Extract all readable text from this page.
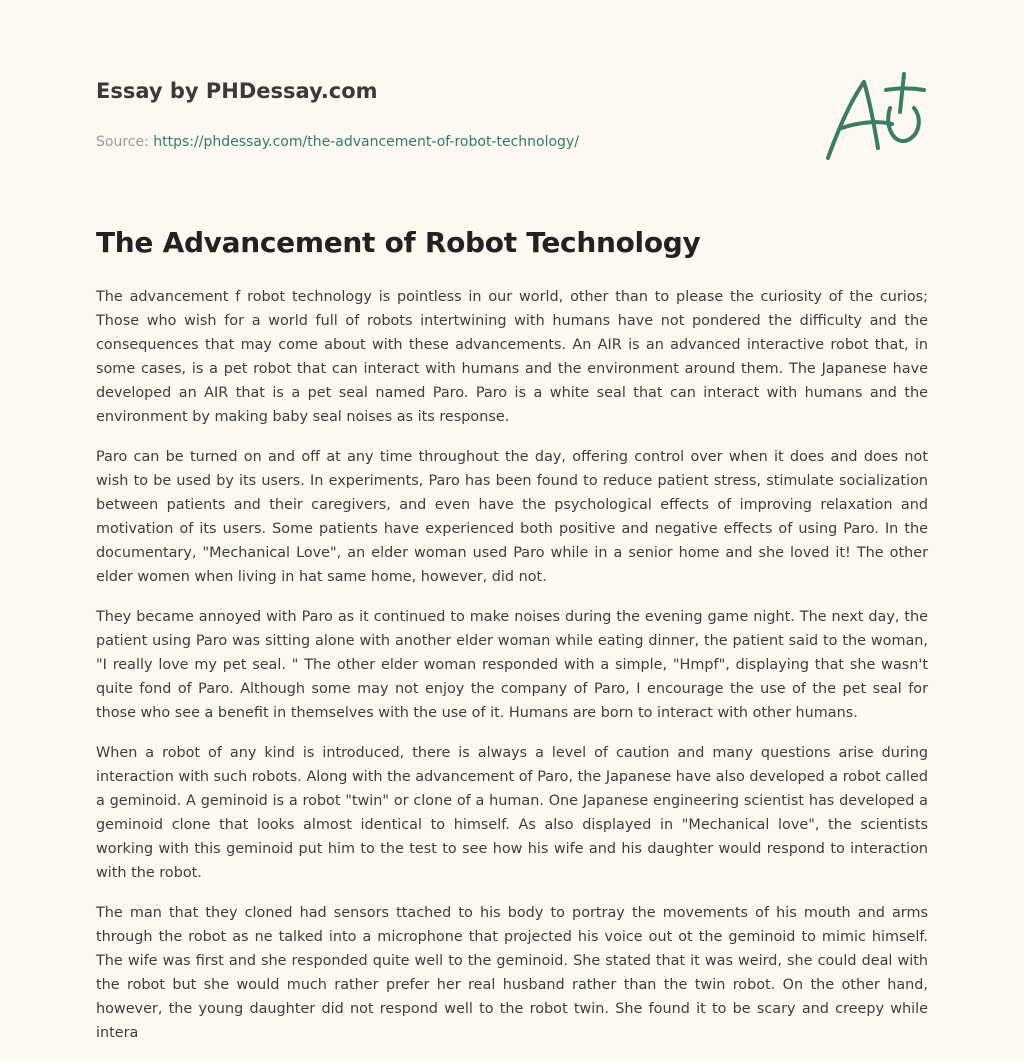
Essay by PHDessay.com
Source: https://phdessay.com/the-advancement-of-robot-technology/
The Advancement of Robot Technology

The advancement f robot technology is pointless in our world, other than to please the curiosity of the curios; Those who wish for a world full of robots intertwining with humans have not pondered the difficulty and the consequences that may come about with these advancements. An AIR is an advanced interactive robot that, in some cases, is a pet robot that can interact with humans and the environment around them. The Japanese have developed an AIR that is a pet seal named Paro. Paro is a white seal that can interact with humans and the environment by making baby seal noises as its response.

Paro can be turned on and off at any time throughout the day, offering control over when it does and does not wish to be used by its users. In experiments, Paro has been found to reduce patient stress, stimulate socialization between patients and their caregivers, and even have the psychological effects of improving relaxation and motivation of its users. Some patients have experienced both positive and negative effects of using Paro. In the documentary, "Mechanical Love", an elder woman used Paro while in a senior home and she loved it! The other elder women when living in hat same home, however, did not.

They became annoyed with Paro as it continued to make noises during the evening game night. The next day, the patient using Paro was sitting alone with another elder woman while eating dinner, the patient said to the woman, "I really love my pet seal. " The other elder woman responded with a simple, "Hmpf", displaying that she wasn't quite fond of Paro. Although some may not enjoy the company of Paro, I encourage the use of the pet seal for those who see a benefit in themselves with the use of it. Humans are born to interact with other humans.

When a robot of any kind is introduced, there is always a level of caution and many questions arise during interaction with such robots. Along with the advancement of Paro, the Japanese have also developed a robot called a geminoid. A geminoid is a robot "twin" or clone of a human. One Japanese engineering scientist has developed a geminoid clone that looks almost identical to himself. As also displayed in "Mechanical love", the scientists working with this geminoid put him to the test to see how his wife and his daughter would respond to interaction with the robot.

The man that they cloned had sensors ttached to his body to portray the movements of his mouth and arms through the robot as ne talked into a microphone that projected his voice out ot the geminoid to mimic himself. The wife was first and she responded quite well to the geminoid. She stated that it was weird, she could deal with the robot but she would much rather prefer her real husband rather than the twin robot. On the other hand, however, the young daughter did not respond well to the robot twin. She found it to be scary and creepy while intera
